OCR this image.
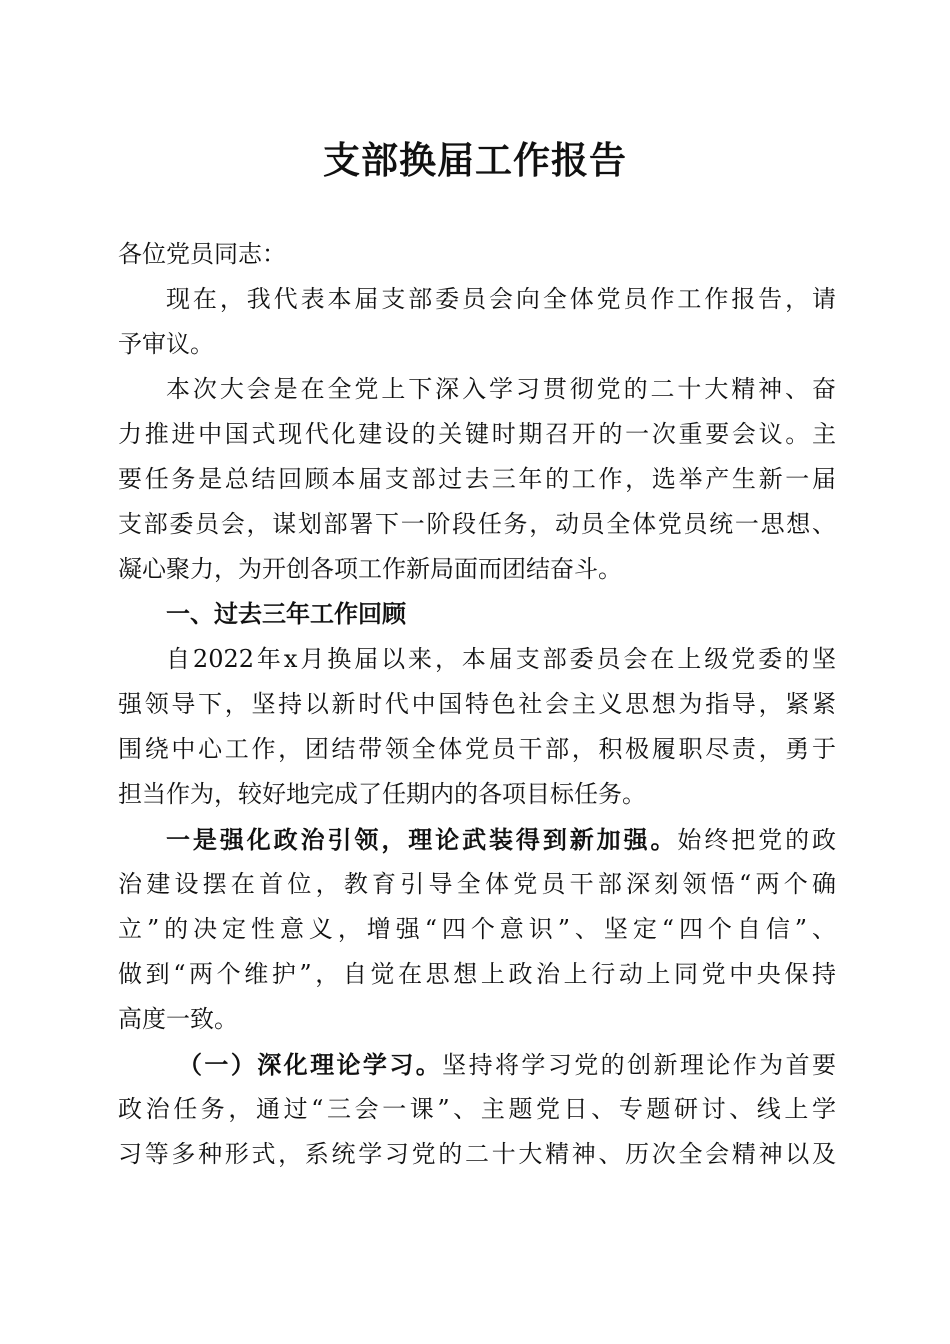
支部换届工作报告
各位党员同志：
现在，我代表本届支部委员会向全体党员作工作报告，请
予审议。
本次大会是在全党上下深入学习贯彻党的二十大精神、奋
力推进中国式现代化建设的关键时期召开的一次重要会议。主
要任务是总结回顾本届支部过去三年的工作，选举产生新一届
支部委员会，谋划部署下一阶段任务，动员全体党员统一思想、
凝心聚力，为开创各项工作新局面而团结奋斗。
一、过去三年工作回顾
自2022年x月换届以来，本届支部委员会在上级党委的坚
强领导下，坚持以新时代中国特色社会主义思想为指导，紧紧
围绕中心工作，团结带领全体党员干部，积极履职尽责，勇于
担当作为，较好地完成了任期内的各项目标任务。
一是强化政治引领，理论武装得到新加强。始终把党的政
治建设摆在首位，教育引导全体党员干部深刻领悟“两个确
立”的决定性意义，增强“四个意识”、坚定“四个自信”、
做到“两个维护”，自觉在思想上政治上行动上同党中央保持
高度一致。
（一）深化理论学习。坚持将学习党的创新理论作为首要
政治任务，通过“三会一课”、主题党日、专题研讨、线上学
习等多种形式，系统学习党的二十大精神、历次全会精神以及
